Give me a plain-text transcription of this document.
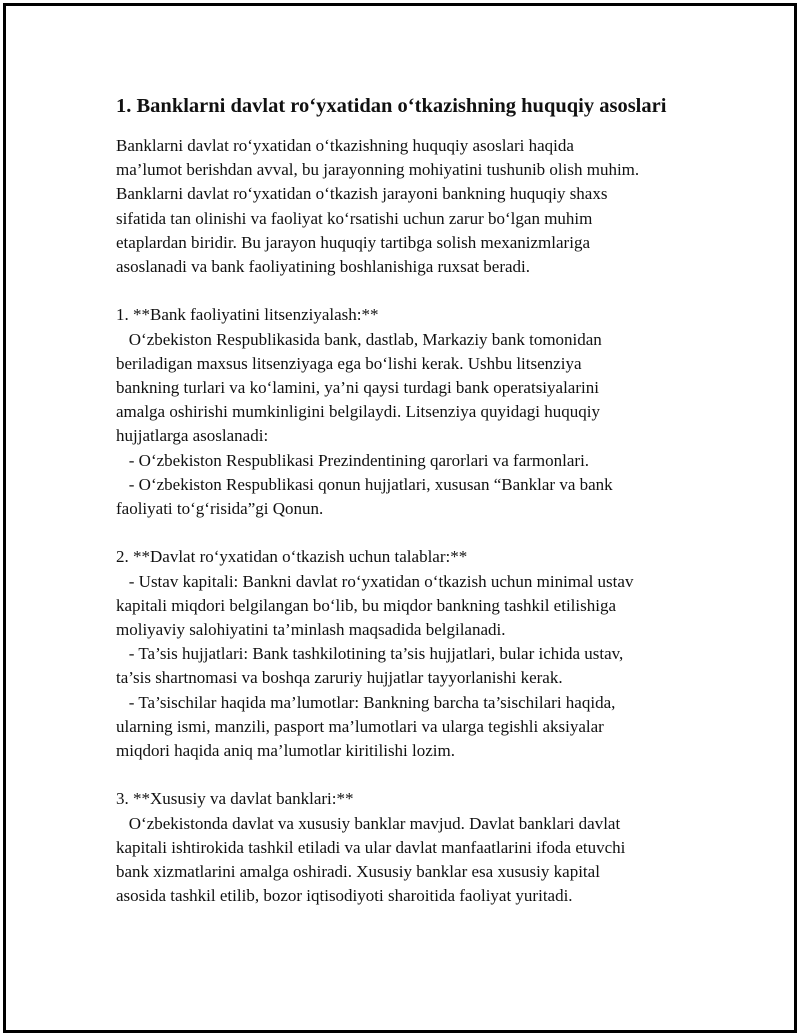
1. Banklarni davlat ro‘yxatidan o‘tkazishning huquqiy asoslari
Banklarni davlat ro‘yxatidan o‘tkazishning huquqiy asoslari haqida
ma’lumot berishdan avval, bu jarayonning mohiyatini tushunib olish muhim.
Banklarni davlat ro‘yxatidan o‘tkazish jarayoni bankning huquqiy shaxs
sifatida tan olinishi va faoliyat ko‘rsatishi uchun zarur bo‘lgan muhim
etaplardan biridir. Bu jarayon huquqiy tartibga solish mexanizmlariga
asoslanadi va bank faoliyatining boshlanishiga ruxsat beradi.
1. **Bank faoliyatini litsenziyalash:**
O‘zbekiston Respublikasida bank, dastlab, Markaziy bank tomonidan
beriladigan maxsus litsenziyaga ega bo‘lishi kerak. Ushbu litsenziya
bankning turlari va ko‘lamini, ya’ni qaysi turdagi bank operatsiyalarini
amalga oshirishi mumkinligini belgilaydi. Litsenziya quyidagi huquqiy
hujjatlarga asoslanadi:
- O‘zbekiston Respublikasi Prezindentining qarorlari va farmonlari.
- O‘zbekiston Respublikasi qonun hujjatlari, xususan “Banklar va bank
faoliyati to‘g‘risida”gi Qonun.
2. **Davlat ro‘yxatidan o‘tkazish uchun talablar:**
- Ustav kapitali: Bankni davlat ro‘yxatidan o‘tkazish uchun minimal ustav
kapitali miqdori belgilangan bo‘lib, bu miqdor bankning tashkil etilishiga
moliyaviy salohiyatini ta’minlash maqsadida belgilanadi.
- Ta’sis hujjatlari: Bank tashkilotining ta’sis hujjatlari, bular ichida ustav,
ta’sis shartnomasi va boshqa zaruriy hujjatlar tayyorlanishi kerak.
- Ta’sischilar haqida ma’lumotlar: Bankning barcha ta’sischilari haqida,
ularning ismi, manzili, pasport ma’lumotlari va ularga tegishli aksiyalar
miqdori haqida aniq ma’lumotlar kiritilishi lozim.
3. **Xususiy va davlat banklari:**
O‘zbekistonda davlat va xususiy banklar mavjud. Davlat banklari davlat
kapitali ishtirokida tashkil etiladi va ular davlat manfaatlarini ifoda etuvchi
bank xizmatlarini amalga oshiradi. Xususiy banklar esa xususiy kapital
asosida tashkil etilib, bozor iqtisodiyoti sharoitida faoliyat yuritadi.
